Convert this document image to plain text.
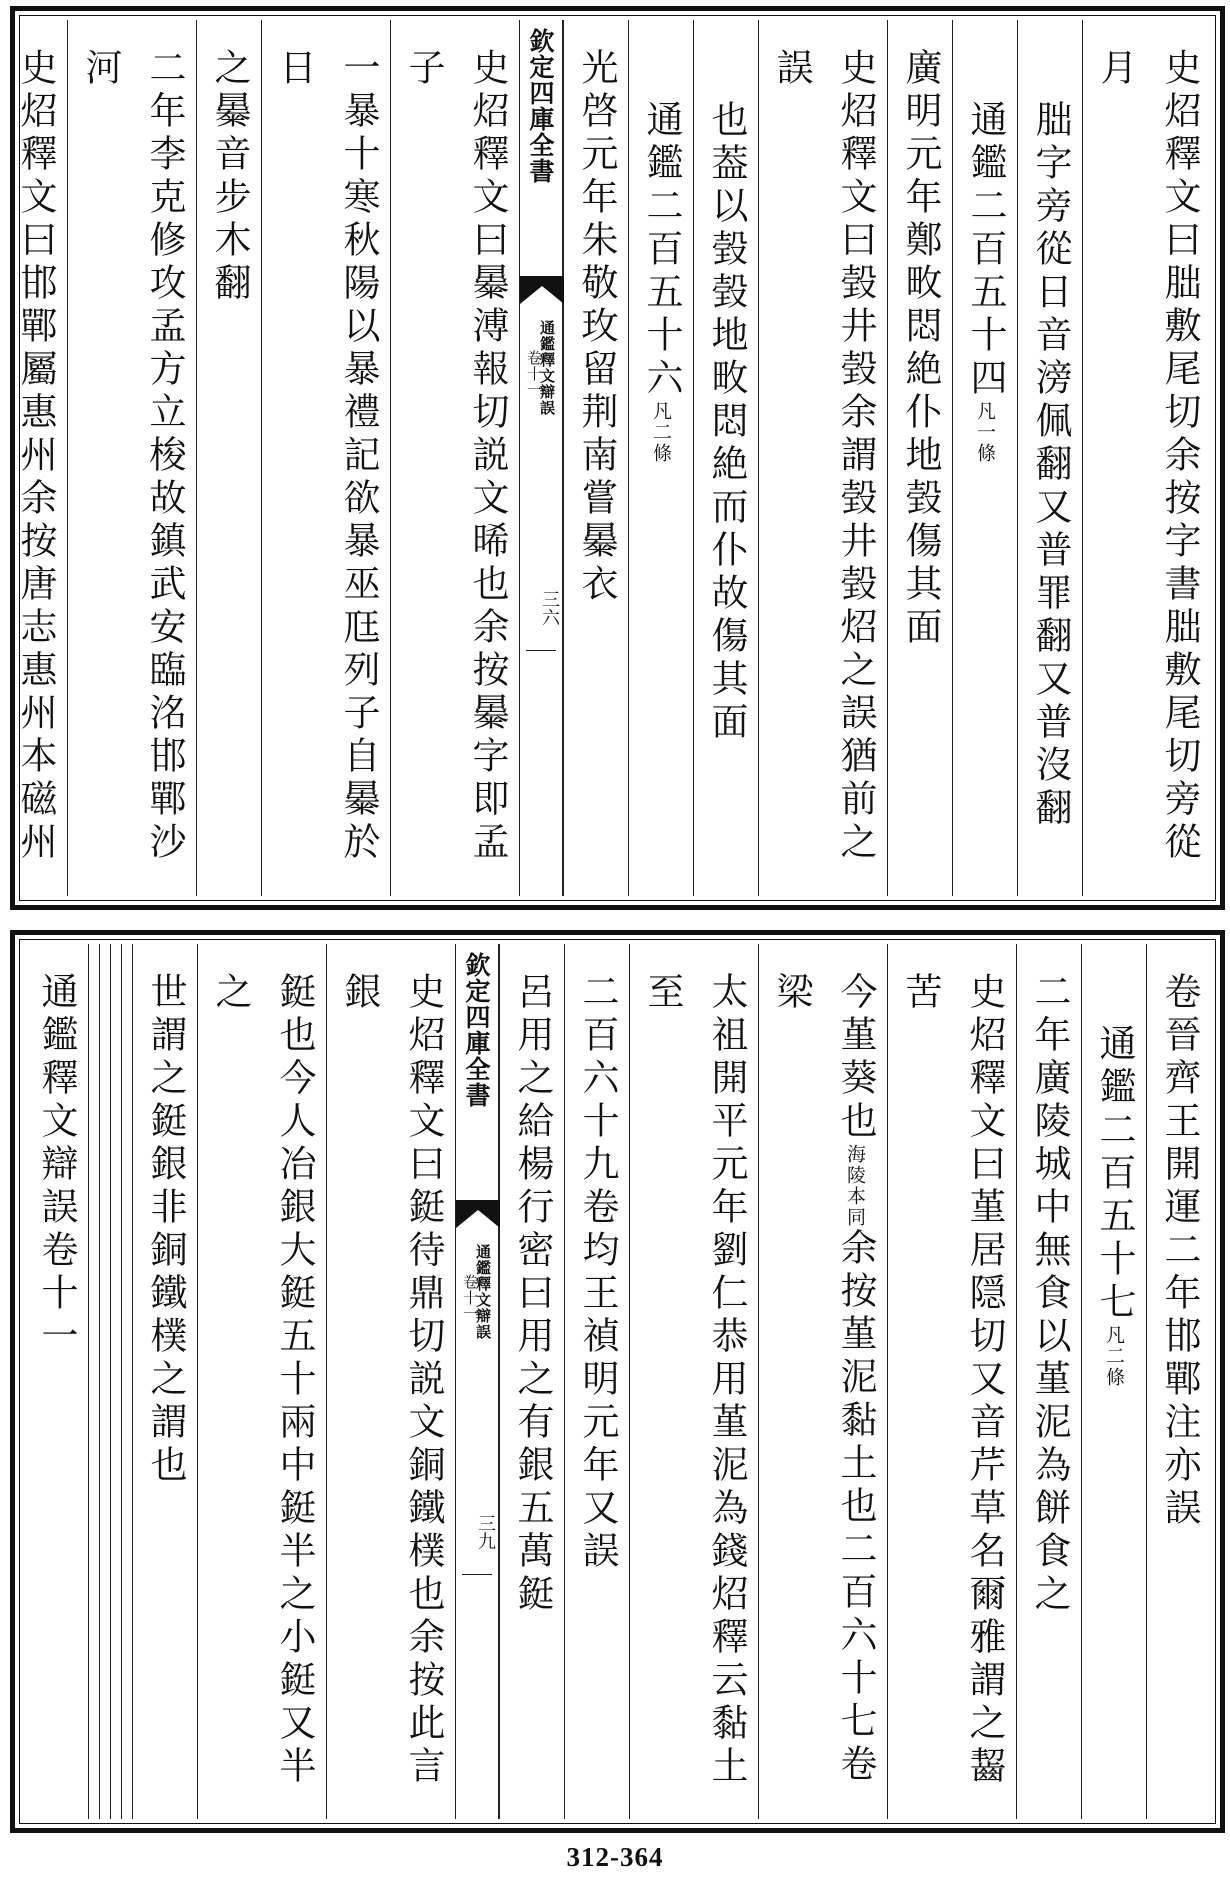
史炤釋文曰朏敷尾切余按字書朏敷尾切旁從月
朏字旁從日音滂佩翻又普罪翻又普沒翻
通鑑二百五十四凡一條
廣明元年鄭畋悶絶仆地㲄傷其面
史炤釋文曰㲄井㲄余謂㲄井㲄炤之誤猶前之誤
也葢以㲄㲄地畋悶絶而仆故傷其面
通鑑二百五十六凡二條
光啓元年朱敬玫留荆南嘗㬥衣
欽定四庫全書
通鑑釋文辯誤
卷十一
三六
史炤釋文曰㬥溥報切説文晞也余按㬥字即孟子
一暴十寒秋陽以暴禮記欲暴巫尫列子自㬥於日
之㬥音步木翻
二年李克修攻孟方立梭故鎮武安臨洺邯鄲沙河
史炤釋文曰邯鄲屬惠州余按唐志惠州本磁州
卷晉齊王開運二年邯鄲注亦誤
通鑑二百五十七凡二條
二年廣陵城中無食以堇泥為餅食之
史炤釋文曰堇居隠切又音芹草名爾雅謂之齧苦
今堇葵也海陵本同余按堇泥黏土也二百六十七卷梁
太祖開平元年劉仁恭用堇泥為錢炤釋云黏土至
二百六十九卷均王禎明元年又誤
呂用之給楊行密曰用之有銀五萬鋌
欽定四庫全書
通鑑釋文辯誤
卷十一
三九
史炤釋文曰鋌待鼎切説文銅鐵樸也余按此言銀
鋌也今人冶銀大鋌五十兩中鋌半之小鋌又半之
世謂之鋌銀非銅鐵樸之謂也
通鑑釋文辯誤卷十一
312-364
